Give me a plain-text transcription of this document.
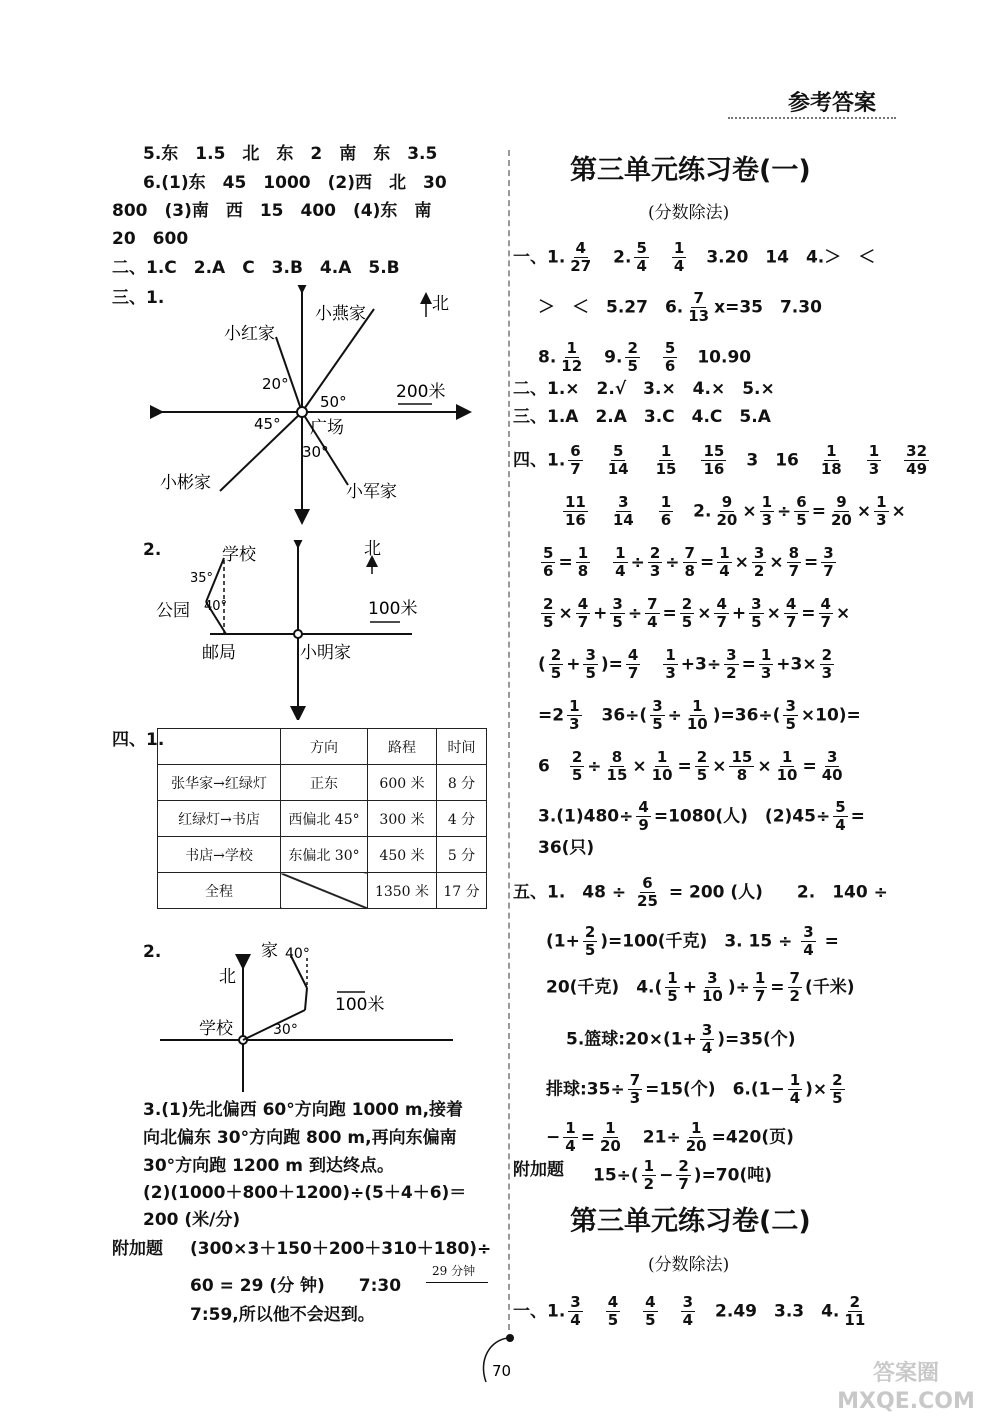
参考答案
5.东　1.5　北　东　2　南　东　3.5
6.(1)东　45　1000　(2)西　北　30
800　(3)南　西　15　400　(4)东　南
20　600
二、1.C　2.A　C　3.B　4.A　5.B
三、1.	北
小燕家
小红家
小彬家	小军家
广场
200米
20°
50°
45°
30°
2.	学校
公园
邮局	小明家
北
100米
35°
40°
四、1.
		方向	路程	时间
张华家→红绿灯	正东	600 米	8 分
红绿灯→书店	西偏北 45°	300 米	4 分
书店→学校	东偏北 30°	450 米	5 分
全程		1350 米	17 分
2.	家
北
学校
100米
40°
30°
3.(1)先北偏西 60°方向跑 1000 m,接着
向北偏东 30°方向跑 800 m,再向东偏南
30°方向跑 1200 m 到达终点。
(2)(1000＋800＋1200)÷(5＋4＋6)＝
200 (米/分)
附加题 (300×3＋150＋200＋310＋180)÷
60 = 29 (分 钟)　　7:30
29 分钟
7:59,所以他不会迟到。
第三单元练习卷(一)
(分数除法)
一、1. $\frac{4}{27}$ 　2. $\frac{5}{4}$
　 $\frac{1}{4}$ 　3.20　14　4.＞　＜
＞　＜　5.27　6. $\frac{7}{13} x=35$　7.30
8. $\frac{1}{12}$ 　9. $\frac{2}{5}$
　 $\frac{5}{6}$ 　10.90
二、1.×　2.√　3.×　4.×　5.×
三、1.A　2.A　3.C　4.C　5.A
四、1. $\frac{6}{7}$
　 $\frac{5}{14}$
　 $\frac{1}{15}$
　 $\frac{15}{16}$ 　3　16　 $\frac{1}{18}$
　 $\frac{1}{3}$
　 $\frac{32}{49}$
$\frac{11}{16}$
　 $\frac{3}{14}$
　 $\frac{1}{6}$ 　2. $\frac{9}{20} \times \frac{1}{3} \div \frac{6}{5} = \frac{9}{20} \times \frac{1}{3}$ ×
$\frac{5}{6} = \frac{1}{8}$
　 $\frac{1}{4} \div \frac{2}{3} \div \frac{7}{8} = \frac{1}{4} \times \frac{3}{2} \times \frac{8}{7} = \frac{3}{7}$
$\frac{2}{5} \times \frac{4}{7} + \frac{3}{5} \div \frac{7}{4} = \frac{2}{5} \times \frac{4}{7} + \frac{3}{5} \times \frac{4}{7} = \frac{4}{7}$ ×
( $\frac{2}{5} + \frac{3}{5}$ )= $\frac{4}{7}$
　 $\frac{1}{3} +3\div \frac{3}{2} = \frac{1}{3} +3\times \frac{2}{3}$
$=2 \frac{1}{3}$ 　$36\div( \frac{3}{5} \div \frac{1}{10} )=36\div( \frac{3}{5} \times 10)=$
6　 $\frac{2}{5} \div \frac{8}{15} \times \frac{1}{10} = \frac{2}{5} \times \frac{15}{8} \times \frac{1}{10} = \frac{3}{40}$
$3.(1)480\div \frac{4}{9} =1080$(人)　$(2)45\div \frac{5}{4}$ =
36(只)
五、1.　$48 \div \frac{6}{25} = 200$ (人)　　2.　140 ÷
$(1+ \frac{2}{5} )=100$(千克)　3. $15 \div \frac{3}{4}$ =
20(千克)　$4.( \frac{1}{5} + \frac{3}{10}$ )÷ $\frac{1}{7} = \frac{7}{2}$ (千米)
5.篮球:20×(1+ $\frac{3}{4} )=35$(个)
排球:35÷ $\frac{7}{3} =15$(个)　$6.(1- \frac{1}{4}$ )× $\frac{2}{5}$
− $\frac{1}{4} = \frac{1}{20}$ 　$21\div \frac{1}{20} =420$(页)
附加题 $15\div( \frac{1}{2} - \frac{2}{7} )=70$(吨)
第三单元练习卷(二)
(分数除法)
一、1. $\frac{3}{4}$
　 $\frac{4}{5}$
　 $\frac{4}{5}$
　 $\frac{3}{4}$ 　2.49　3.3　4. $\frac{2}{11}$
70	答案圈 MXQE.COM
